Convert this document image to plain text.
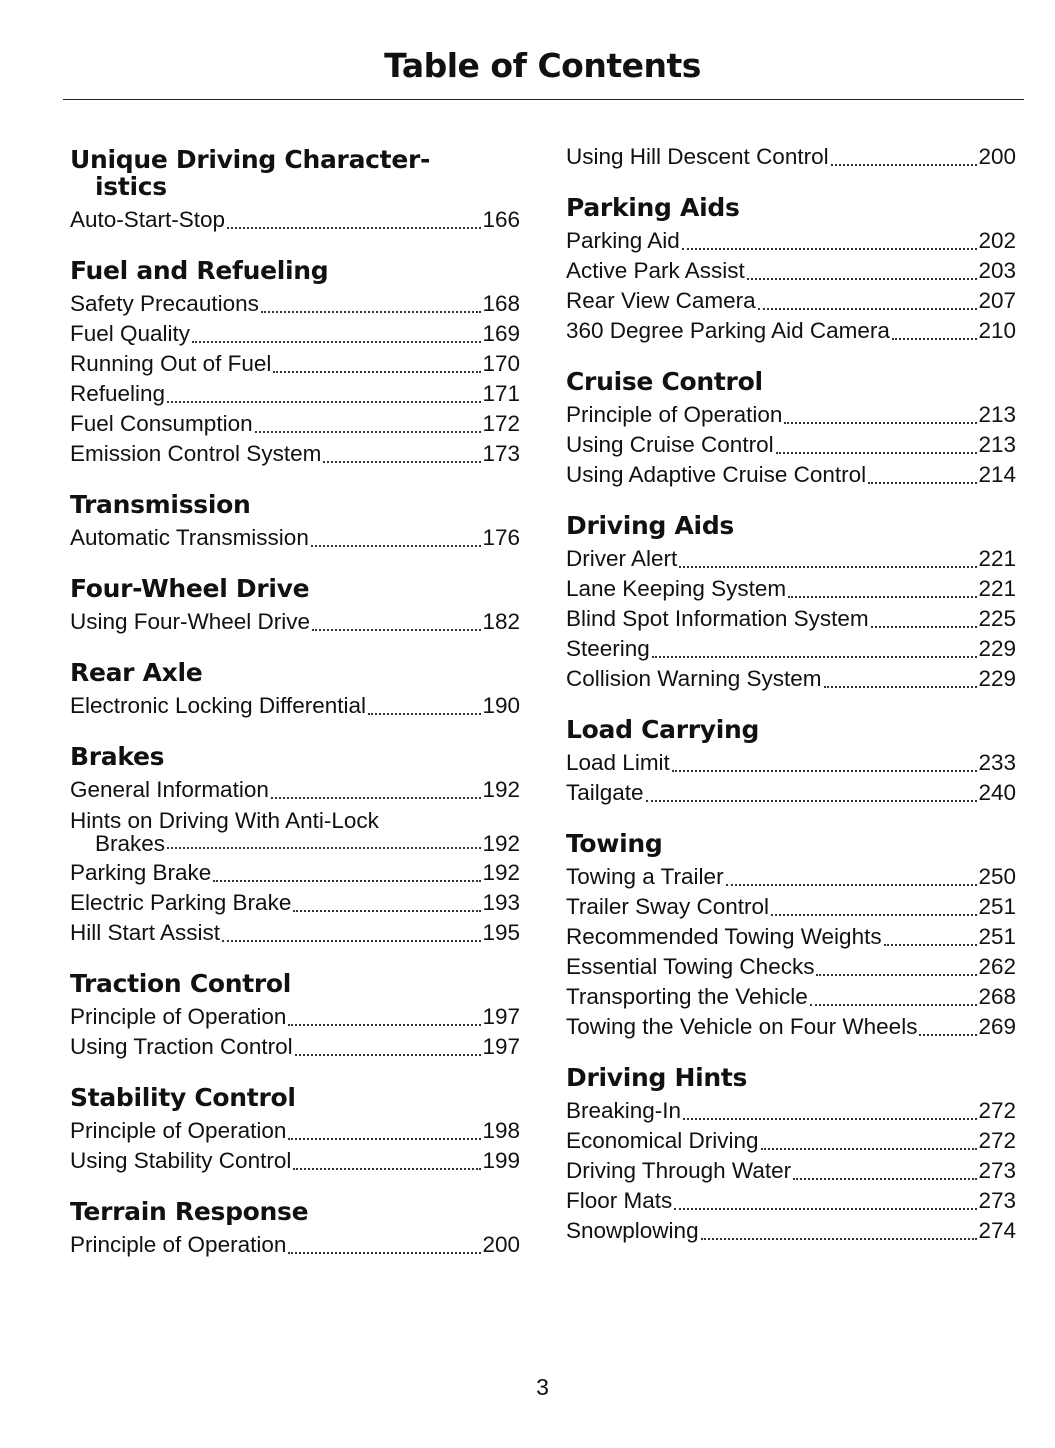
Table of Contents
Unique Driving Character-
istics
Auto-Start-Stop	166
Fuel and Refueling
Safety Precautions	168
Fuel Quality	169
Running Out of Fuel	170
Refueling	171
Fuel Consumption	172
Emission Control System	173
Transmission
Automatic Transmission	176
Four-Wheel Drive
Using Four-Wheel Drive	182
Rear Axle
Electronic Locking Differential	190
Brakes
General Information	192
Hints on Driving With Anti-Lock
Brakes	192
Parking Brake	192
Electric Parking Brake	193
Hill Start Assist	195
Traction Control
Principle of Operation	197
Using Traction Control	197
Stability Control
Principle of Operation	198
Using Stability Control	199
Terrain Response
Principle of Operation	200
Using Hill Descent Control	200
Parking Aids
Parking Aid	202
Active Park Assist	203
Rear View Camera	207
360 Degree Parking Aid Camera	210
Cruise Control
Principle of Operation	213
Using Cruise Control	213
Using Adaptive Cruise Control	214
Driving Aids
Driver Alert	221
Lane Keeping System	221
Blind Spot Information System	225
Steering	229
Collision Warning System	229
Load Carrying
Load Limit	233
Tailgate	240
Towing
Towing a Trailer	250
Trailer Sway Control	251
Recommended Towing Weights	251
Essential Towing Checks	262
Transporting the Vehicle	268
Towing the Vehicle on Four Wheels	269
Driving Hints
Breaking-In	272
Economical Driving	272
Driving Through Water	273
Floor Mats	273
Snowplowing	274
3
